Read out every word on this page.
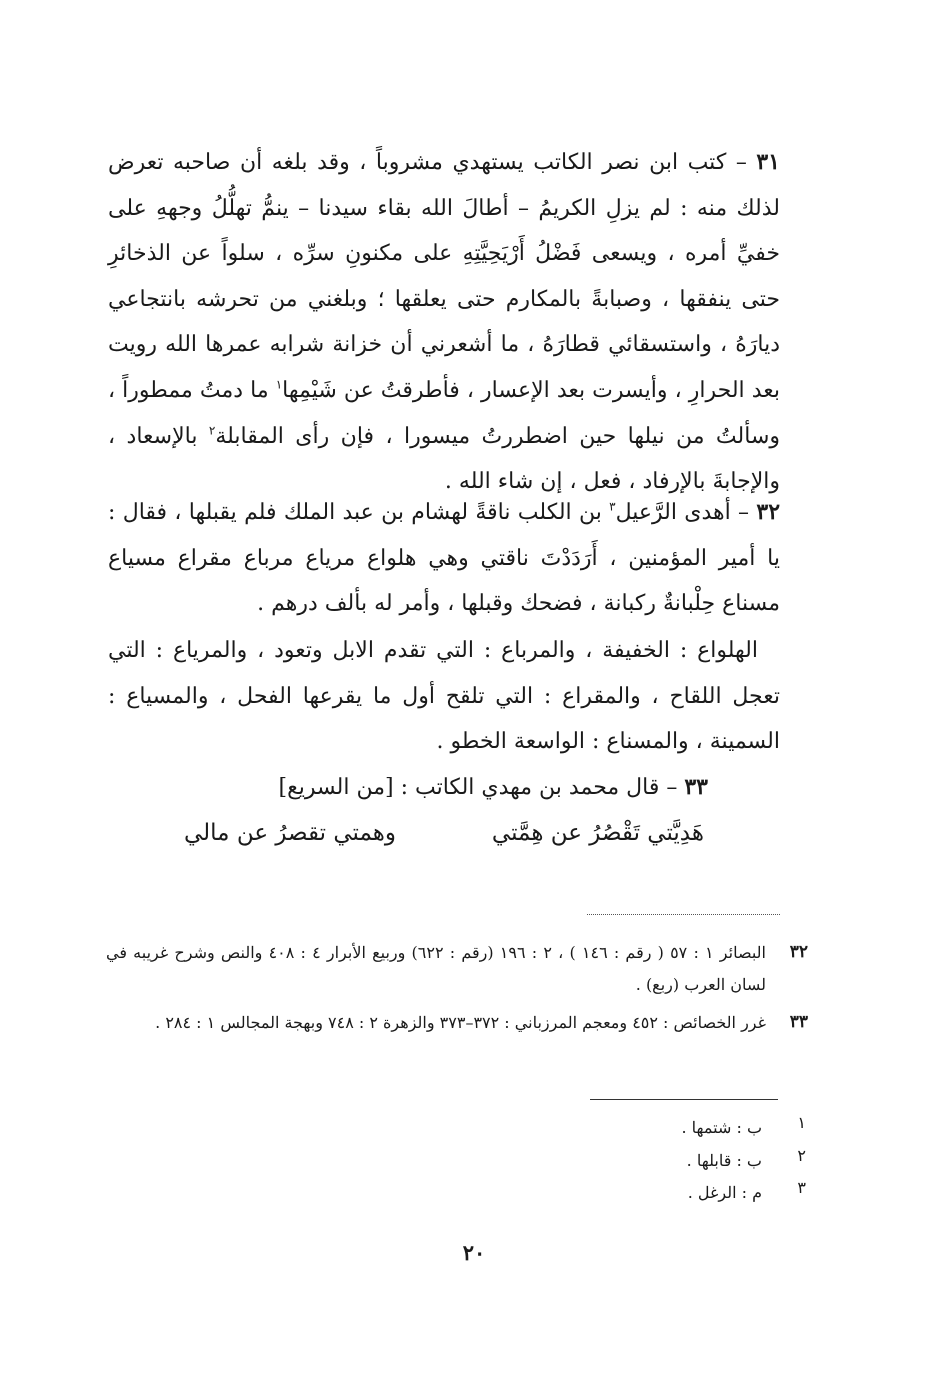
٣١ – كتب ابن نصر الكاتب يستهدي مشروباً ، وقد بلغه أن صاحبه تعرض لذلك منه : لم يزلِ الكريمُ – أطالَ الله بقاء سيدنا – ينمُّ تهلُّلُ وجههِ على خفيِّ أمره ، ويسعى فَضْلُ أَرْيَحِيَّتِهِ على مكنونِ سرِّه ، سلواً عن الذخائرِ حتى ينفقها ، وصبابةً بالمكارم حتى يعلقها ؛ وبلغني من تحرشه بانتجاعي ديارَهُ ، واستسقائي قطارَهُ ، ما أشعرني أن خزانة شرابه عمرها الله رويت بعد الحرارِ ، وأيسرت بعد الإعسار ، فأطرقتُ عن شَيْمِها$^١$ ما دمتُ ممطوراً ، وسألتُ من نيلها حين اضطررتُ ميسورا ، فإن رأى المقابلة$^٢$ بالإسعاد ، والإجابةَ بالإرفاد ، فعل ، إن شاء الله .

٣٢ – أهدى الرَّعيل$^٣$ بن الكلب ناقةً لهشام بن عبد الملك فلم يقبلها ، فقال : يا أمير المؤمنين ، أَرَدَدْتَ ناقتي وهي هلواع مرياع مرباع مقراع مسياع مسناع حِلْبانةٌ ركبانة ، فضحك وقبلها ، وأمر له بألف درهم .

الهلواع : الخفيفة ، والمرباع : التي تقدم الابل وتعود ، والمرياع : التي تعجل اللقاح ، والمقراع : التي تلقح أول ما يقرعها الفحل ، والمسياع : السمينة ، والمسناع : الواسعة الخطو .

٣٣ – قال محمد بن مهدي الكاتب : [من السريع]

هَدِيَّتي تَقْصُرُ عن هِمَّتي
وهمتي تقصرُ عن مالي
٣٢
البصائر ١ : ٥٧ ( رقم : ١٤٦ ) ، ٢ : ١٩٦ (رقم : ٦٢٢) وربيع الأبرار ٤ : ٤٠٨ والنص وشرح غريبه في لسان العرب (ربع) .
٣٣
غرر الخصائص : ٤٥٢ ومعجم المرزباني : ٣٧٢–٣٧٣ والزهرة ٢ : ٧٤٨ وبهجة المجالس ١ : ٢٨٤ .
١
ب : شتمها .
٢
ب : قابلها .
٣
م : الرغل .
٢٠
